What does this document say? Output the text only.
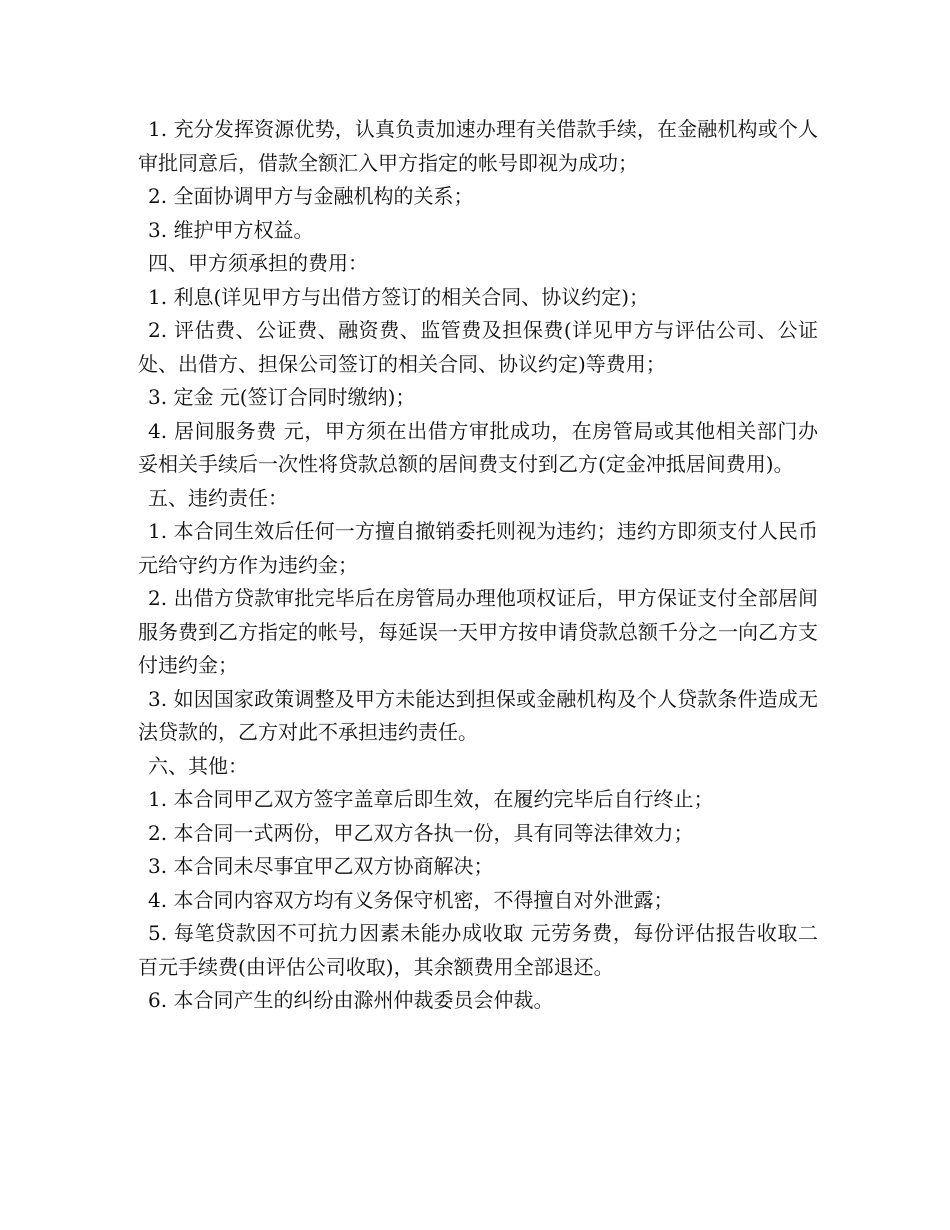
1. 充分发挥资源优势，认真负责加速办理有关借款手续，在金融机构或个人审批同意后，借款全额汇入甲方指定的帐号即视为成功；

2. 全面协调甲方与金融机构的关系；

3. 维护甲方权益。

四、甲方须承担的费用：

1. 利息(详见甲方与出借方签订的相关合同、协议约定)；

2. 评估费、公证费、融资费、监管费及担保费(详见甲方与评估公司、公证处、出借方、担保公司签订的相关合同、协议约定)等费用；

3. 定金 元(签订合同时缴纳)；

4. 居间服务费 元，甲方须在出借方审批成功，在房管局或其他相关部门办妥相关手续后一次性将贷款总额的居间费支付到乙方(定金冲抵居间费用)。

五、违约责任：

1. 本合同生效后任何一方擅自撤销委托则视为违约；违约方即须支付人民币 元给守约方作为违约金；

2. 出借方贷款审批完毕后在房管局办理他项权证后，甲方保证支付全部居间服务费到乙方指定的帐号，每延误一天甲方按申请贷款总额千分之一向乙方支付违约金；

3. 如因国家政策调整及甲方未能达到担保或金融机构及个人贷款条件造成无法贷款的，乙方对此不承担违约责任。

六、其他：

1. 本合同甲乙双方签字盖章后即生效，在履约完毕后自行终止；

2. 本合同一式两份，甲乙双方各执一份，具有同等法律效力；

3. 本合同未尽事宜甲乙双方协商解决；

4. 本合同内容双方均有义务保守机密，不得擅自对外泄露；

5. 每笔贷款因不可抗力因素未能办成收取 元劳务费，每份评估报告收取二百元手续费(由评估公司收取)，其余额费用全部退还。

6. 本合同产生的纠纷由滁州仲裁委员会仲裁。
